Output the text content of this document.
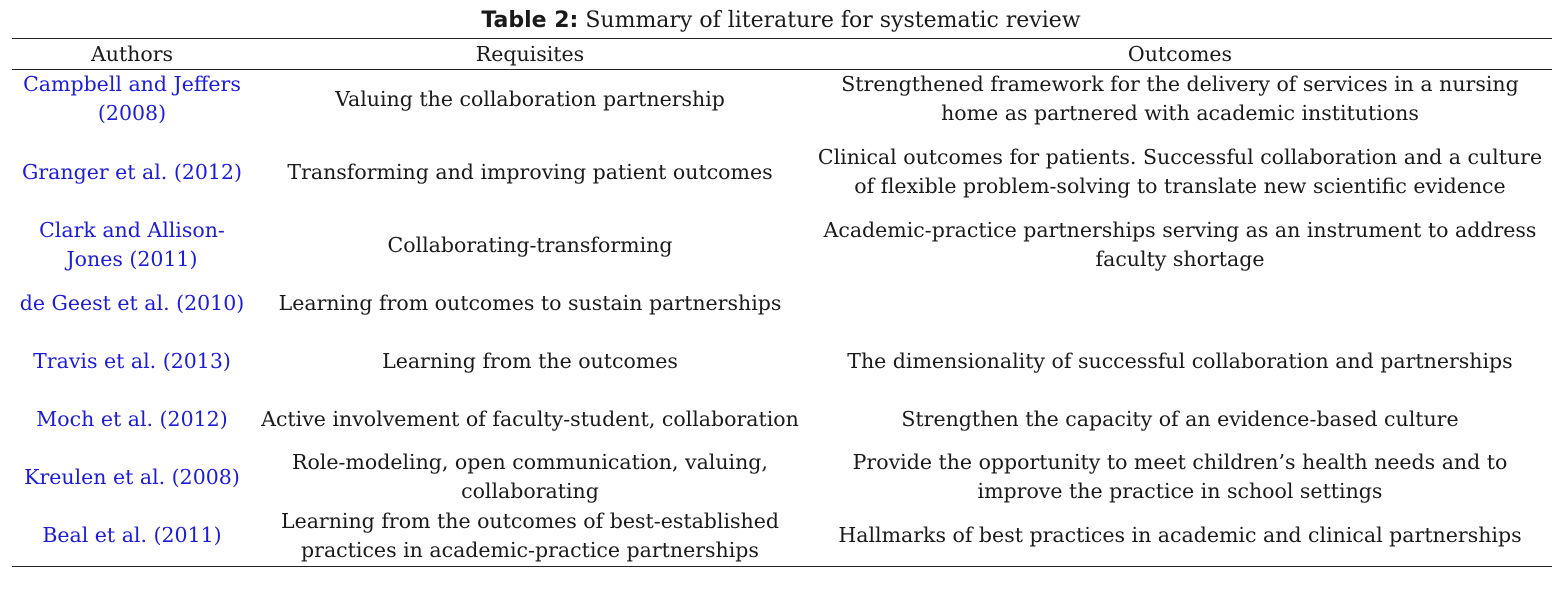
Table 2: Summary of literature for systematic review
Authors	Requisites	Outcomes
Campbell and Jeffers (2008)	Valuing the collaboration partnership	Strengthened framework for the delivery of services in a nursing home as partnered with academic institutions
Granger et al. (2012)	Transforming and improving patient outcomes	Clinical outcomes for patients. Successful collaboration and a culture of flexible problem-solving to translate new scientific evidence
Clark and Allison-Jones (2011)	Collaborating-transforming	Academic-practice partnerships serving as an instrument to address faculty shortage
de Geest et al. (2010)	Learning from outcomes to sustain partnerships	
Travis et al. (2013)	Learning from the outcomes	The dimensionality of successful collaboration and partnerships
Moch et al. (2012)	Active involvement of faculty-student, collaboration	Strengthen the capacity of an evidence-based culture
Kreulen et al. (2008)	Role-modeling, open communication, valuing, collaborating	Provide the opportunity to meet children’s health needs and to improve the practice in school settings
Beal et al. (2011)	Learning from the outcomes of best-established practices in academic-practice partnerships	Hallmarks of best practices in academic and clinical partnerships
